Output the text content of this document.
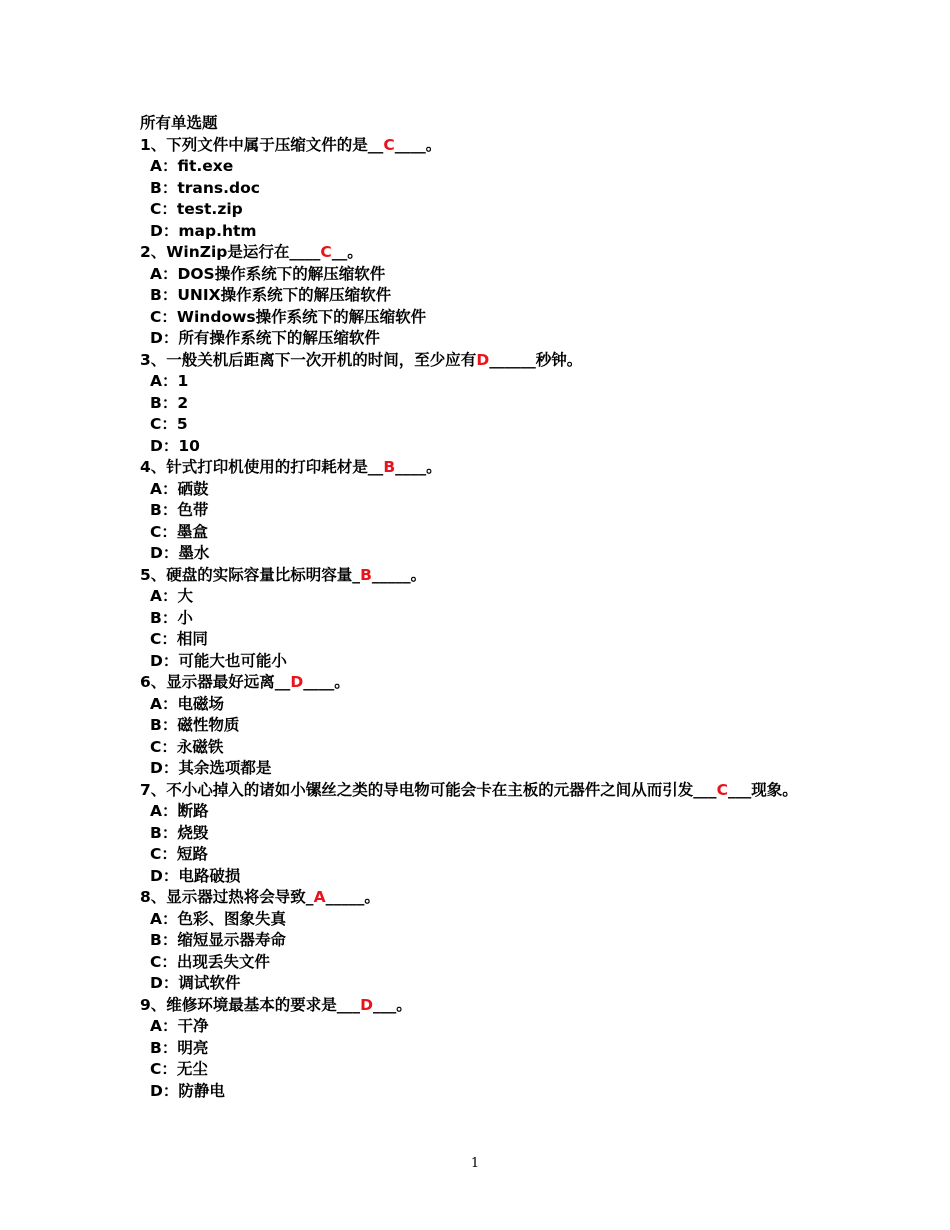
所有单选题
1、下列文件中属于压缩文件的是__C____。
A：fit.exe
B：trans.doc
C：test.zip
D：map.htm
2、WinZip是运行在____C__。
A：DOS操作系统下的解压缩软件
B：UNIX操作系统下的解压缩软件
C：Windows操作系统下的解压缩软件
D：所有操作系统下的解压缩软件
3、一般关机后距离下一次开机的时间，至少应有D______秒钟。
A：1
B：2
C：5
D：10
4、针式打印机使用的打印耗材是__B____。
A：硒鼓
B：色带
C：墨盒
D：墨水
5、硬盘的实际容量比标明容量_B_____。
A：大
B：小
C：相同
D：可能大也可能小
6、显示器最好远离__D____。
A：电磁场
B：磁性物质
C：永磁铁
D：其余选项都是
7、不小心掉入的诸如小镙丝之类的导电物可能会卡在主板的元器件之间从而引发___C___现象。
A：断路
B：烧毁
C：短路
D：电路破损
8、显示器过热将会导致_A_____。
A：色彩、图象失真
B：缩短显示器寿命
C：出现丢失文件
D：调试软件
9、维修环境最基本的要求是___D___。
A：干净
B：明亮
C：无尘
D：防静电
1
